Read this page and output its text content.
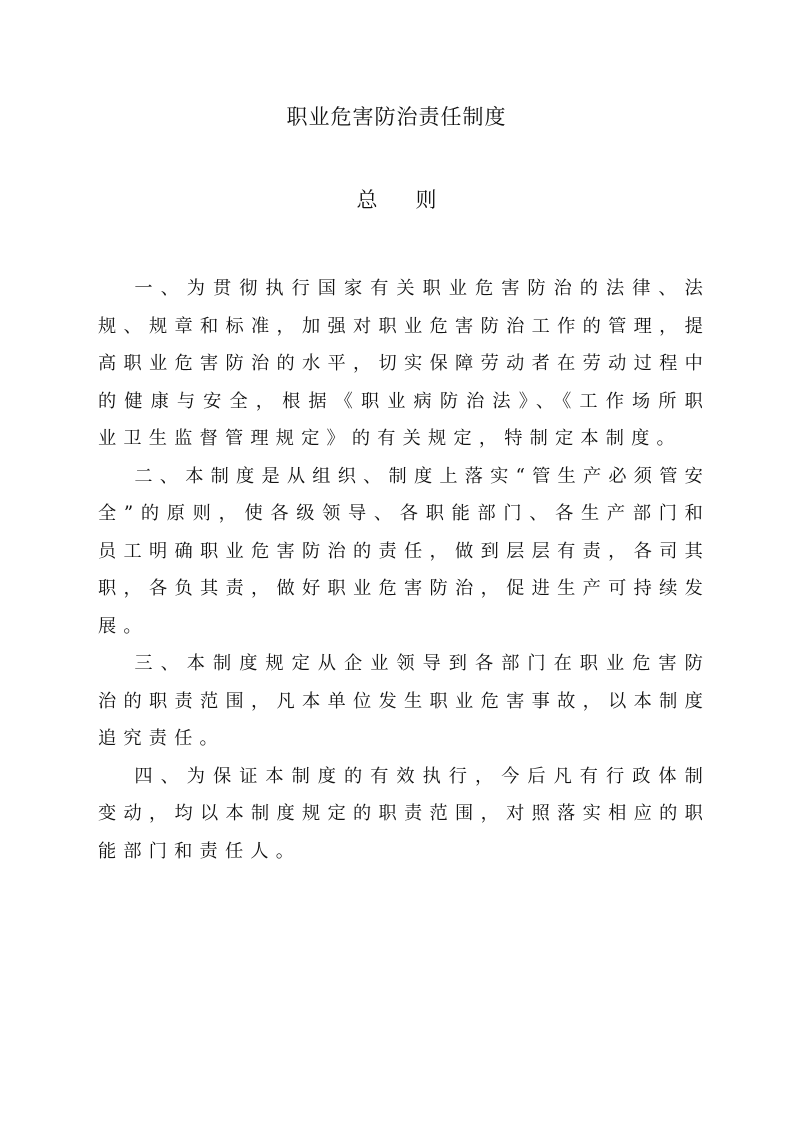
职业危害防治责任制度
总 则

一、为贯彻执行国家有关职业危害防治的法律、法规、规章和标准，加强对职业危害防治工作的管理，提高职业危害防治的水平，切实保障劳动者在劳动过程中的健康与安全，根据《职业病防治法》、《工作场所职业卫生监督管理规定》的有关规定，特制定本制度。

二、本制度是从组织、制度上落实“管生产必须管安全”的原则，使各级领导、各职能部门、各生产部门和员工明确职业危害防治的责任，做到层层有责，各司其职，各负其责，做好职业危害防治，促进生产可持续发展。

三、本制度规定从企业领导到各部门在职业危害防治的职责范围，凡本单位发生职业危害事故，以本制度追究责任。

四、为保证本制度的有效执行，今后凡有行政体制变动，均以本制度规定的职责范围，对照落实相应的职能部门和责任人。
